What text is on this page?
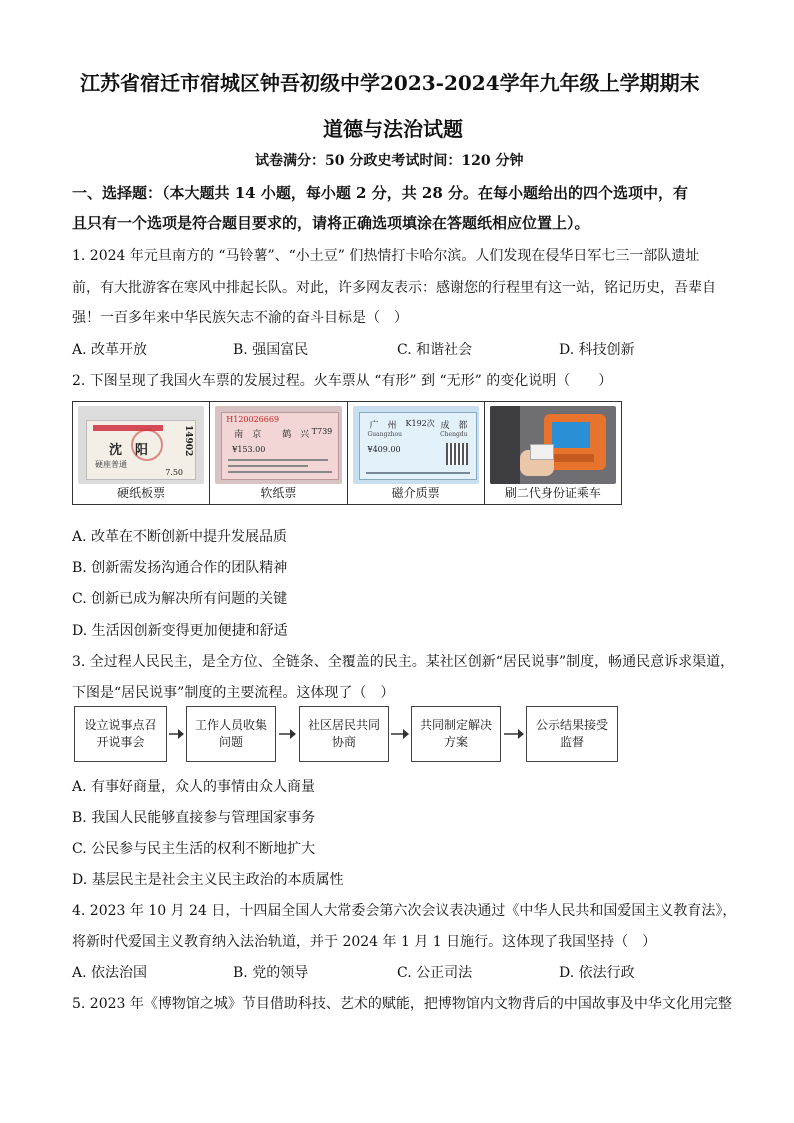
江苏省宿迁市宿城区钟吾初级中学2023-2024学年九年级上学期期末
道德与法治试题
试卷满分：50 分政史考试时间：120 分钟
一、选择题：（本大题共 14 小题，每小题 2 分，共 28 分。在每小题给出的四个选项中，有
且只有一个选项是符合题目要求的，请将正确选项填涂在答题纸相应位置上）。
1. 2024 年元旦南方的 “马铃薯”、“小土豆” 们热情打卡哈尔滨。人们发现在侵华日军七三一部队遗址
前，有大批游客在寒风中排起长队。对此，许多网友表示：感谢您的行程里有这一站，铭记历史，吾辈自
强！一百多年来中华民族矢志不渝的奋斗目标是（　）
A. 改革开放	B. 强国富民	C. 和谐社会	D. 科技创新
2. 下图呈现了我国火车票的发展过程。火车票从 “有形” 到 “无形” 的变化说明（　　）
沈　阳
硬座普通
14902
7.50
硬纸板票
H120026669
南　京 鹤　兴 T739
¥153.00
软纸票
广　州 K192次 成　都
Guangzhou	Chengdu
¥409.00
磁介质票	刷二代身份证乘车
A. 改革在不断创新中提升发展品质
B. 创新需发扬沟通合作的团队精神
C. 创新已成为解决所有问题的关键
D. 生活因创新变得更加便捷和舒适
3. 全过程人民民主，是全方位、全链条、全覆盖的民主。某社区创新“居民说事”制度，畅通民意诉求渠道，
下图是“居民说事”制度的主要流程。这体现了（　）
设立说事点召开说事会
工作人员收集问题
社区居民共同协商
共同制定解决方案
公示结果接受监督
A. 有事好商量，众人的事情由众人商量
B. 我国人民能够直接参与管理国家事务
C. 公民参与民主生活的权利不断地扩大
D. 基层民主是社会主义民主政治的本质属性
4. 2023 年 10 月 24 日，十四届全国人大常委会第六次会议表决通过《中华人民共和国爱国主义教育法》，
将新时代爱国主义教育纳入法治轨道，并于 2024 年 1 月 1 日施行。这体现了我国坚持（　）
A. 依法治国	B. 党的领导	C. 公正司法	D. 依法行政
5. 2023 年《博物馆之城》节目借助科技、艺术的赋能，把博物馆内文物背后的中国故事及中华文化用完整
